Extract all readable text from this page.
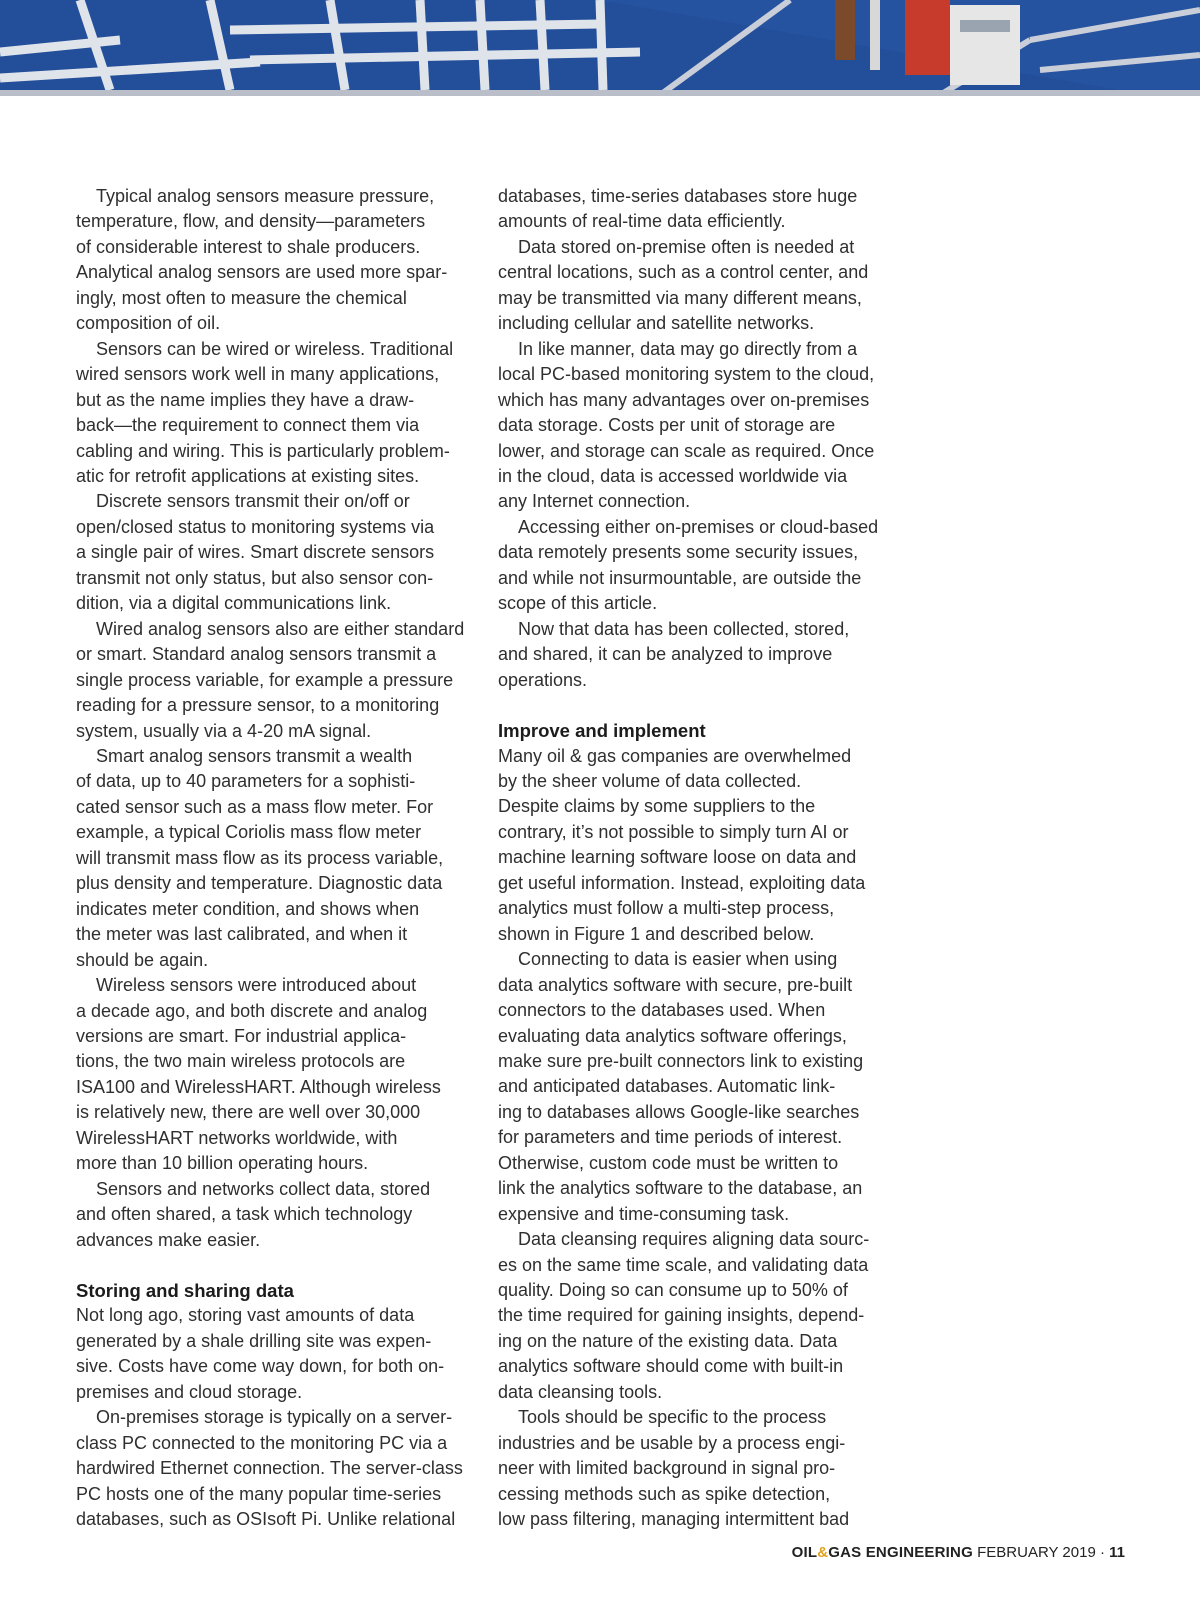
Typical analog sensors measure pressure,
temperature, flow, and density—parameters
of considerable interest to shale producers.
Analytical analog sensors are used more spar-
ingly, most often to measure the chemical
composition of oil.

Sensors can be wired or wireless. Traditional
wired sensors work well in many applications,
but as the name implies they have a draw-
back—the requirement to connect them via
cabling and wiring. This is particularly problem-
atic for retrofit applications at existing sites.

Discrete sensors transmit their on/off or
open/closed status to monitoring systems via
a single pair of wires. Smart discrete sensors
transmit not only status, but also sensor con-
dition, via a digital communications link.

Wired analog sensors also are either standard
or smart. Standard analog sensors transmit a
single process variable, for example a pressure
reading for a pressure sensor, to a monitoring
system, usually via a 4-20 mA signal.

Smart analog sensors transmit a wealth
of data, up to 40 parameters for a sophisti-
cated sensor such as a mass flow meter. For
example, a typical Coriolis mass flow meter
will transmit mass flow as its process variable,
plus density and temperature. Diagnostic data
indicates meter condition, and shows when
the meter was last calibrated, and when it
should be again.

Wireless sensors were introduced about
a decade ago, and both discrete and analog
versions are smart. For industrial applica-
tions, the two main wireless protocols are
ISA100 and WirelessHART. Although wireless
is relatively new, there are well over 30,000
WirelessHART networks worldwide, with
more than 10 billion operating hours.

Sensors and networks collect data, stored
and often shared, a task which technology
advances make easier.

Storing and sharing data

Not long ago, storing vast amounts of data
generated by a shale drilling site was expen-
sive. Costs have come way down, for both on-
premises and cloud storage.

On-premises storage is typically on a server-
class PC connected to the monitoring PC via a
hardwired Ethernet connection. The server-class
PC hosts one of the many popular time-series
databases, such as OSIsoft Pi. Unlike relational

databases, time-series databases store huge
amounts of real-time data efficiently.

Data stored on-premise often is needed at
central locations, such as a control center, and
may be transmitted via many different means,
including cellular and satellite networks.

In like manner, data may go directly from a
local PC-based monitoring system to the cloud,
which has many advantages over on-premises
data storage. Costs per unit of storage are
lower, and storage can scale as required. Once
in the cloud, data is accessed worldwide via
any Internet connection.

Accessing either on-premises or cloud-based
data remotely presents some security issues,
and while not insurmountable, are outside the
scope of this article.

Now that data has been collected, stored,
and shared, it can be analyzed to improve
operations.

Improve and implement

Many oil & gas companies are overwhelmed
by the sheer volume of data collected.
Despite claims by some suppliers to the
contrary, it’s not possible to simply turn AI or
machine learning software loose on data and
get useful information. Instead, exploiting data
analytics must follow a multi-step process,
shown in Figure 1 and described below.

Connecting to data is easier when using
data analytics software with secure, pre-built
connectors to the databases used. When
evaluating data analytics software offerings,
make sure pre-built connectors link to existing
and anticipated databases. Automatic link-
ing to databases allows Google-like searches
for parameters and time periods of interest.
Otherwise, custom code must be written to
link the analytics software to the database, an
expensive and time-consuming task.

Data cleansing requires aligning data sourc-
es on the same time scale, and validating data
quality. Doing so can consume up to 50% of
the time required for gaining insights, depend-
ing on the nature of the existing data. Data
analytics software should come with built-in
data cleansing tools.

Tools should be specific to the process
industries and be usable by a process engi-
neer with limited background in signal pro-
cessing methods such as spike detection,
low pass filtering, managing intermittent bad

OIL&GAS ENGINEERING FEBRUARY 2019 · 11
